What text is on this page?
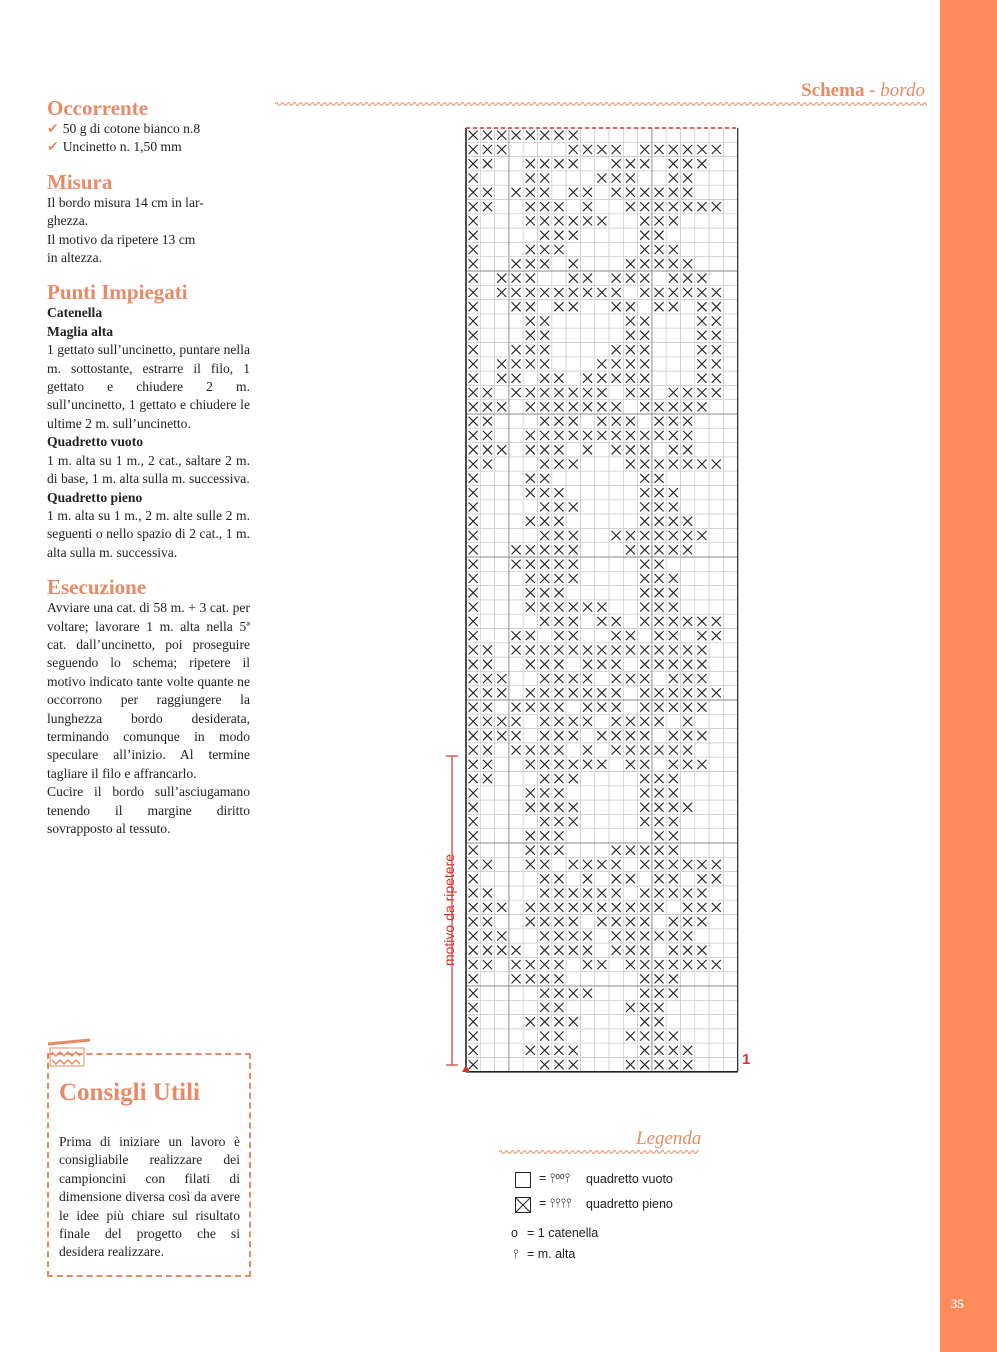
35
Schema - bordo
Occorrente

✔ 50 g di cotone bianco n.8

✔ Uncinetto n. 1,50 mm

Misura

Il bordo misura 14 cm in lar-

ghezza.

Il motivo da ripetere 13 cm

in altezza.

Punti Impiegati

Catenella

Maglia alta

1 gettato sull’uncinetto, puntare nella m. sottostante, estrarre il filo, 1 gettato e chiudere 2 m. sull’uncinetto, 1 gettato e chiudere le ultime 2 m. sull’uncinetto.

Quadretto vuoto

1 m. alta su 1 m., 2 cat., saltare 2 m. di base, 1 m. alta sulla m. successiva.

Quadretto pieno

1 m. alta su 1 m., 2 m. alte sulle 2 m. seguenti o nello spazio di 2 cat., 1 m. alta sulla m. successiva.

Esecuzione

Avviare una cat. di 58 m. + 3 cat. per voltare; lavorare 1 m. alta nella 5ª cat. dall’uncinetto, poi proseguire seguendo lo schema; ripetere il motivo indicato tante volte quante ne occorrono per raggiungere la lunghezza bordo desiderata, terminando comunque in modo speculare all’inizio. Al termine tagliare il filo e affrancarlo.

Cucire il bordo sull’asciugamano tenendo il margine diritto sovrapposto al tessuto.

Consigli Utili
Prima di iniziare un lavoro è consigliabile realizzare dei campioncini con filati di dimensione diversa così da avere le idee più chiare sul risultato finale del progetto che si desidera realizzare.
motivo da ripetere
1
Legenda
= ⫯ᵒᵒ⫯ quadretto vuoto
= ⫯⫯⫯⫯ quadretto pieno
o = 1 catenella
⫯ = m. alta
